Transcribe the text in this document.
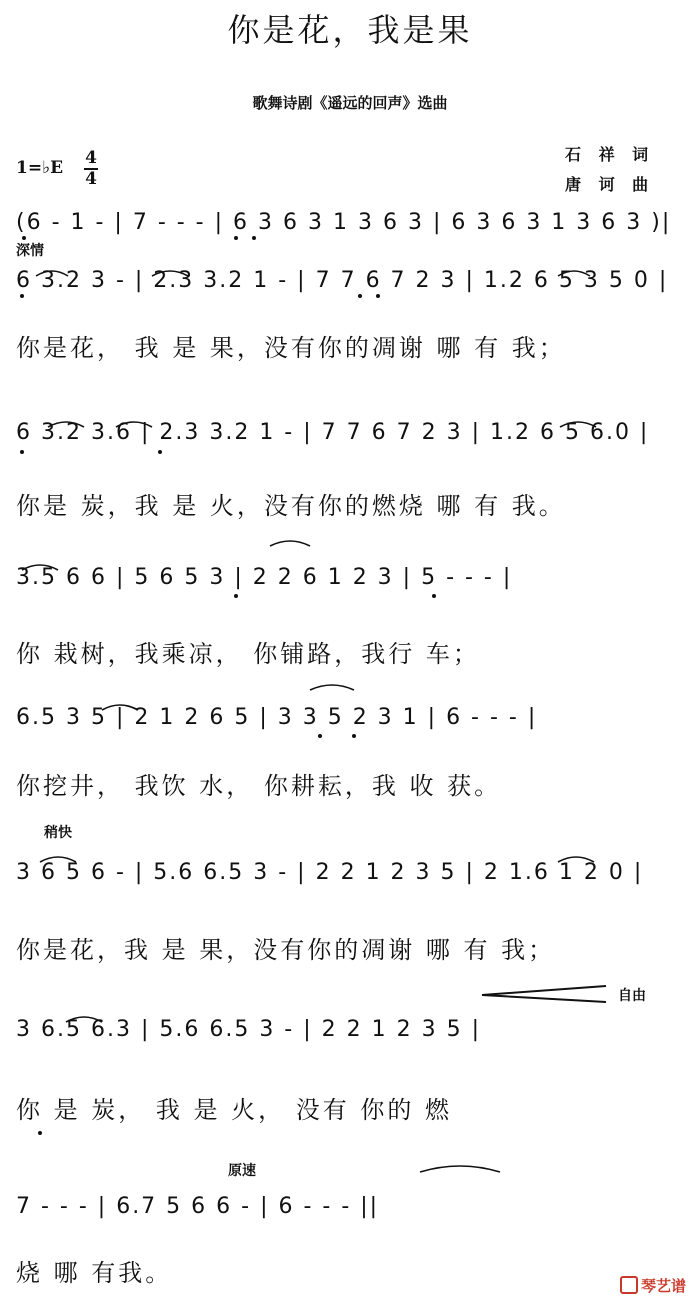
你是花，我是果
歌舞诗剧《遥远的回声》选曲
石 祥 词
唐 诃 曲
1=♭E 4
4
深情
稍快
自由
原速
(6 - 1 - | 7 - - - | 6 3 6 3 1 3 6 3 | 6 3 6 3 1 3 6 3 )|
6 3.2 3 - | 2.3 3.2 1 - | 7 7 6 7 2 3 | 1.2 6 5 3 5 0 |
你是花， 我 是 果，没有你的凋谢 哪 有 我；
6 3.2 3.6 | 2.3 3.2 1 - | 7 7 6 7 2 3 | 1.2 6 5 6.0 |
你是 炭，我 是 火，没有你的燃烧 哪 有 我。
3.5 6 6 | 5 6 5 3 | 2 2 6 1 2 3 | 5 - - - |
你 栽树，我乘凉， 你铺路，我行 车；
6.5 3 5 | 2 1 2 6 5 | 3 3 5 2 3 1 | 6 - - - |
你挖井， 我饮 水， 你耕耘，我 收 获。
3 6 5 6 - | 5.6 6.5 3 - | 2 2 1 2 3 5 | 2 1.6 1 2 0 |
你是花，我 是 果，没有你的凋谢 哪 有 我；
3 6.5 6.3 | 5.6 6.5 3 - | 2 2 1 2 3 5 |
你 是 炭， 我 是 火， 没有 你的 燃
7 - - - | 6.7 5 6 6 - | 6 - - - ||
烧 哪 有我。	琴艺谱
